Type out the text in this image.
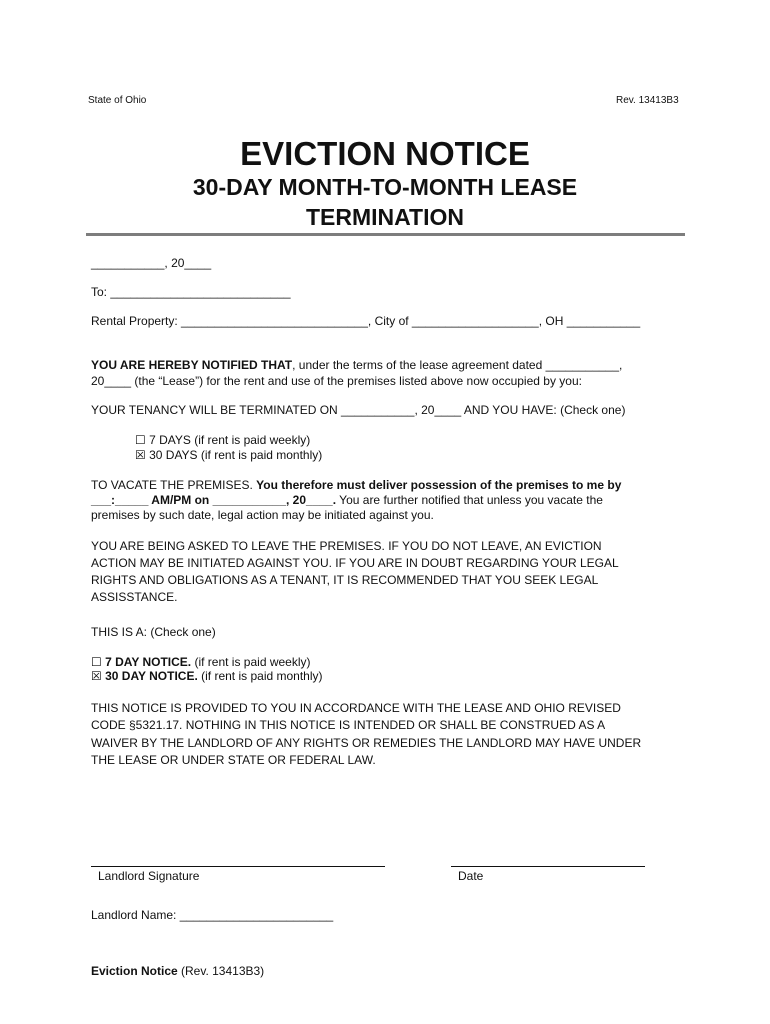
State of Ohio	Rev. 13413B3
EVICTION NOTICE
30-DAY MONTH-TO-MONTH LEASE
TERMINATION
___________, 20____
To: ___________________________
Rental Property: ____________________________, City of ___________________, OH ___________
YOU ARE HEREBY NOTIFIED THAT, under the terms of the lease agreement dated ___________,
20____ (the “Lease”) for the rent and use of the premises listed above now occupied by you:
YOUR TENANCY WILL BE TERMINATED ON ___________, 20____ AND YOU HAVE: (Check one)
☐ 7 DAYS (if rent is paid weekly)
☒ 30 DAYS (if rent is paid monthly)
TO VACATE THE PREMISES. You therefore must deliver possession of the premises to me by
___:_____ AM/PM on ___________, 20____. You are further notified that unless you vacate the
premises by such date, legal action may be initiated against you.
YOU ARE BEING ASKED TO LEAVE THE PREMISES. IF YOU DO NOT LEAVE, AN EVICTION
ACTION MAY BE INITIATED AGAINST YOU. IF YOU ARE IN DOUBT REGARDING YOUR LEGAL
RIGHTS AND OBLIGATIONS AS A TENANT, IT IS RECOMMENDED THAT YOU SEEK LEGAL
ASSISSTANCE.
THIS IS A: (Check one)
☐ 7 DAY NOTICE. (if rent is paid weekly)
☒ 30 DAY NOTICE. (if rent is paid monthly)
THIS NOTICE IS PROVIDED TO YOU IN ACCORDANCE WITH THE LEASE AND OHIO REVISED
CODE §5321.17. NOTHING IN THIS NOTICE IS INTENDED OR SHALL BE CONSTRUED AS A
WAIVER BY THE LANDLORD OF ANY RIGHTS OR REMEDIES THE LANDLORD MAY HAVE UNDER
THE LEASE OR UNDER STATE OR FEDERAL LAW.
Landlord Signature	Date
Landlord Name: _______________________
Eviction Notice (Rev. 13413B3)
